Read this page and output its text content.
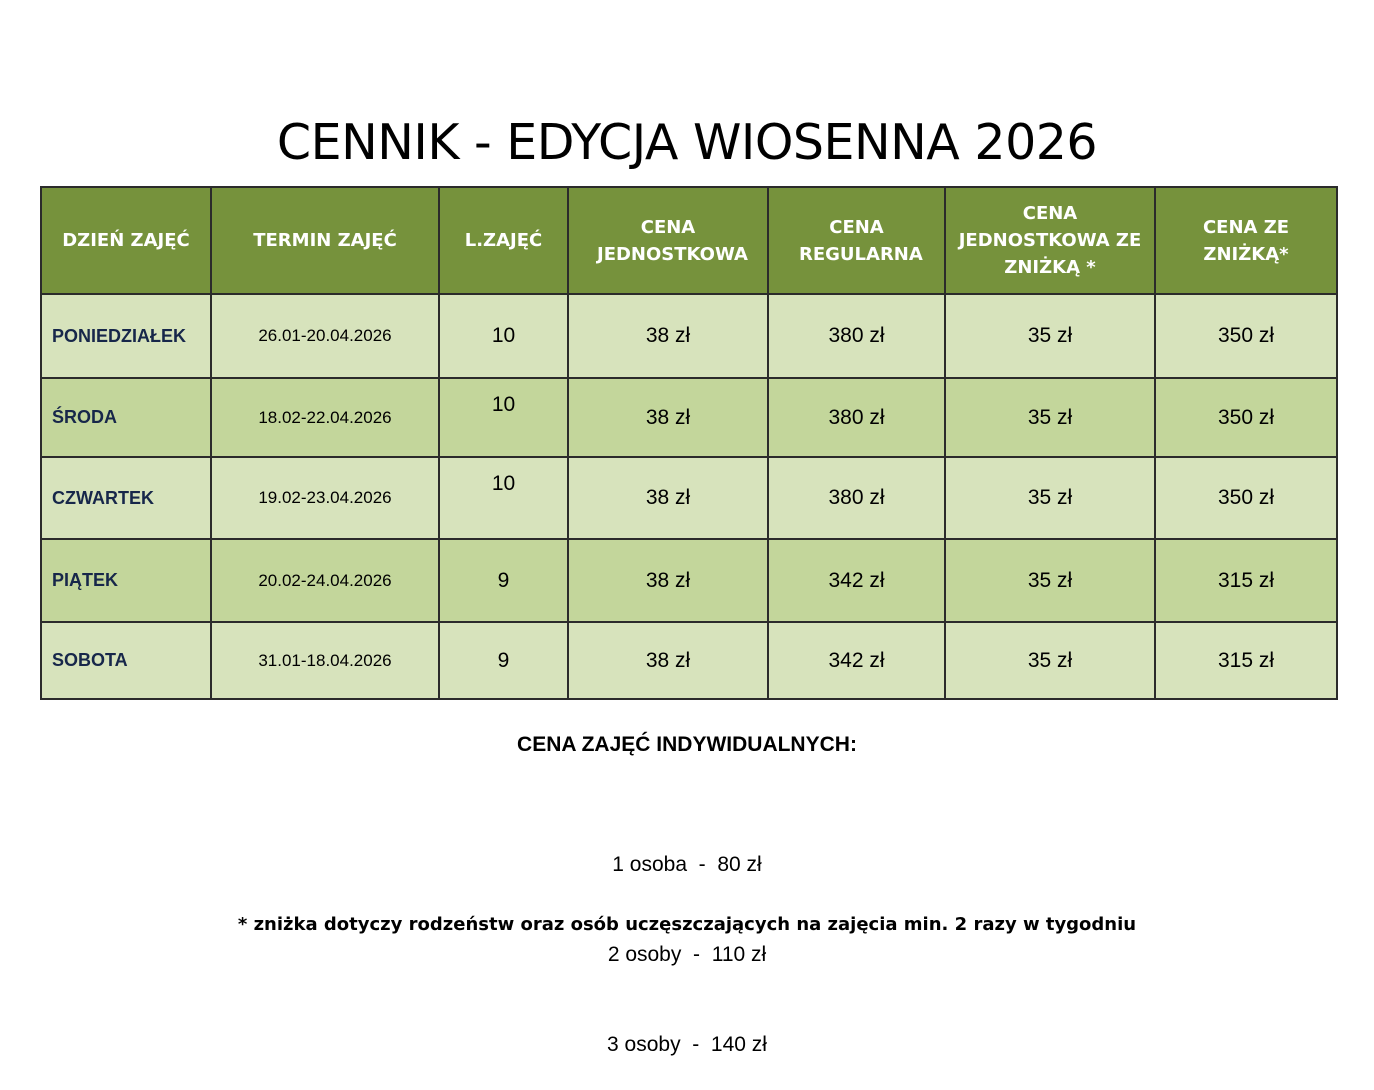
CENNIK - EDYCJA WIOSENNA 2026
DZIEŃ ZAJĘĆ	TERMIN ZAJĘĆ	L.ZAJĘĆ	CENA JEDNOSTKOWA	CENA REGULARNA	CENA JEDNOSTKOWA ZE ZNIŻKĄ *	CENA ZE ZNIŻKĄ*
PONIEDZIAŁEK	26.01-20.04.2026	10	38 zł	380 zł	35 zł	350 zł
ŚRODA	18.02-22.04.2026	10	38 zł	380 zł	35 zł	350 zł
CZWARTEK	19.02-23.04.2026	10	38 zł	380 zł	35 zł	350 zł
PIĄTEK	20.02-24.04.2026	9	38 zł	342 zł	35 zł	315 zł
SOBOTA	31.01-18.04.2026	9	38 zł	342 zł	35 zł	315 zł
CENA ZAJĘĆ INDYWIDUALNYCH:

1 osoba  -  80 zł

2 osoby  -  110 zł

3 osoby  -  140 zł

* zniżka dotyczy rodzeństw oraz osób uczęszczających na zajęcia min. 2 razy w tygodniu
